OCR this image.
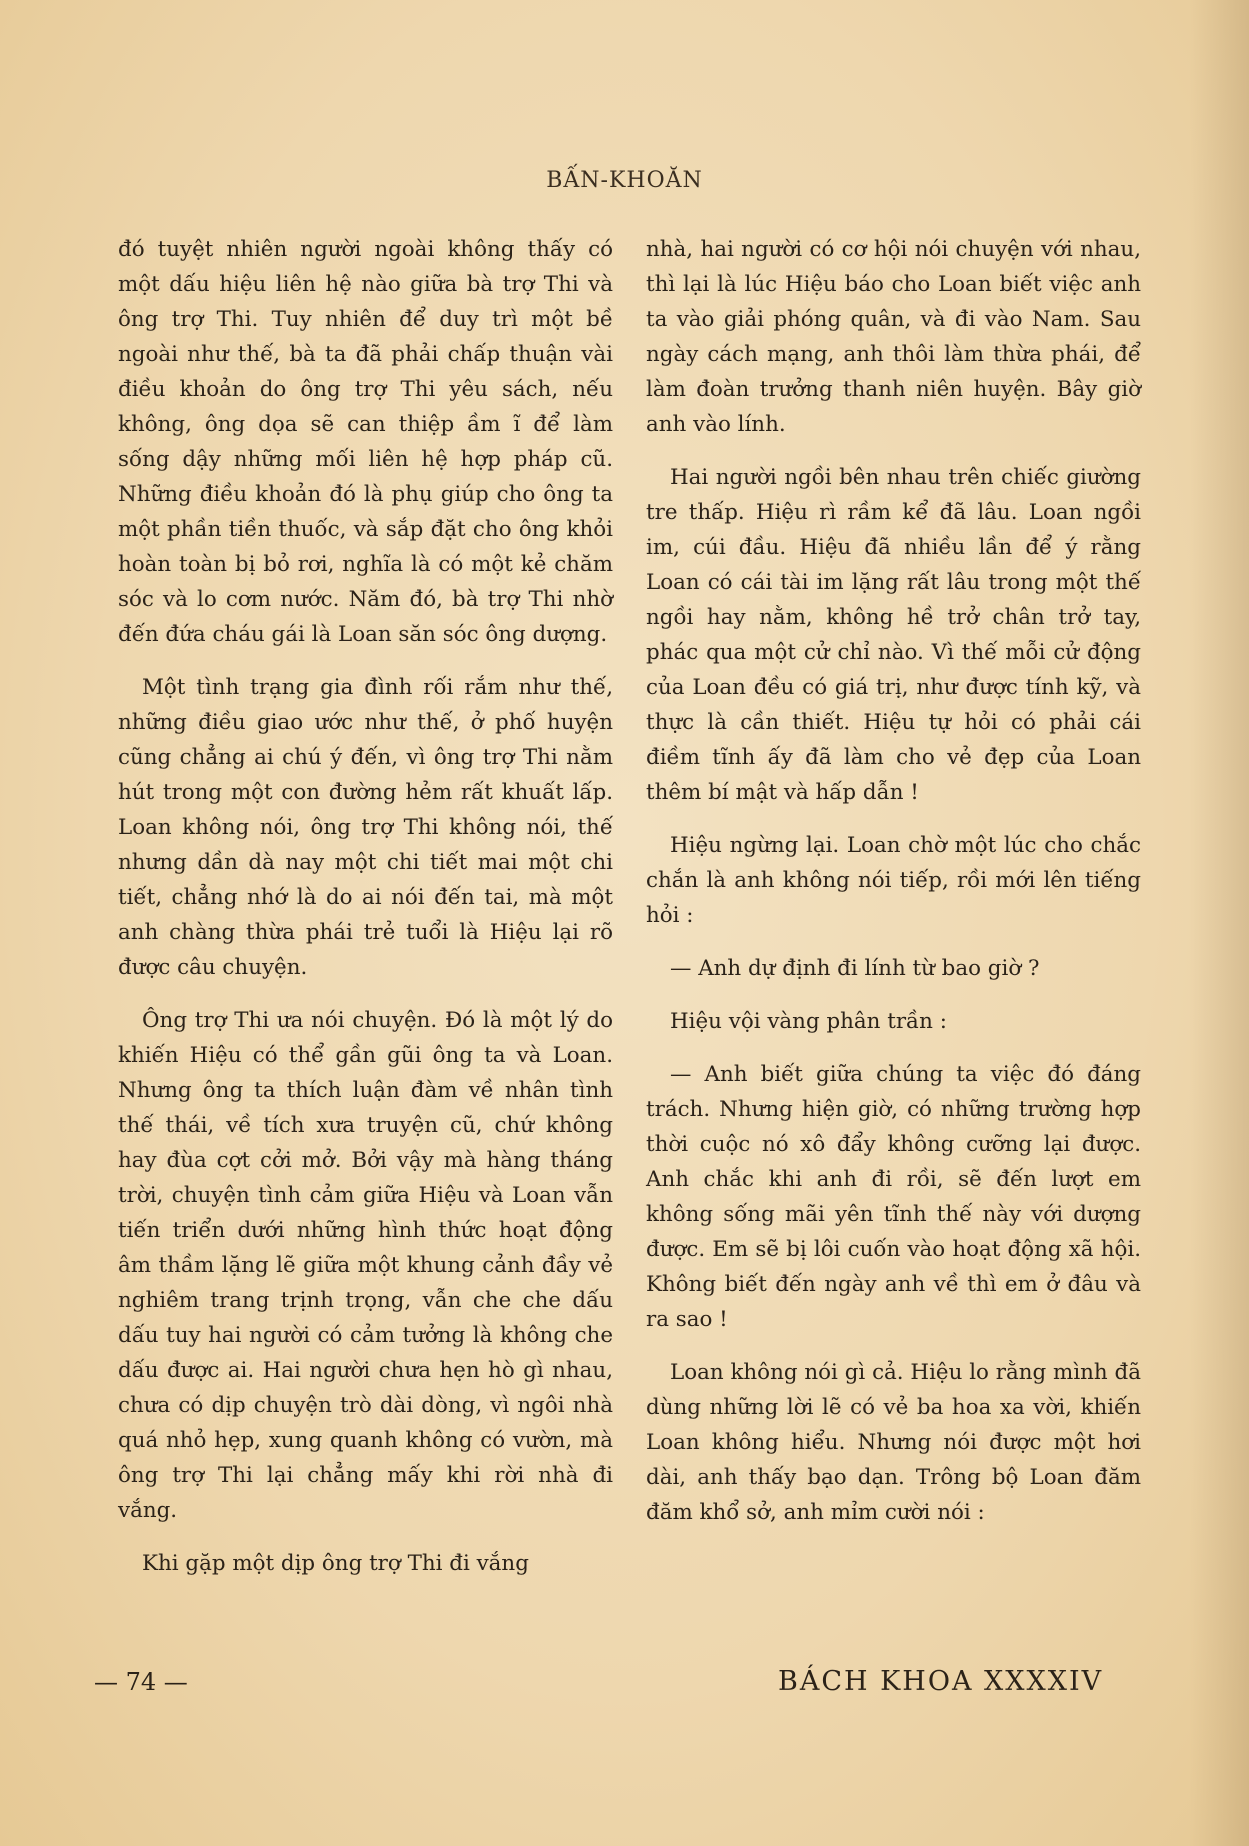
BẤN-KHOĂN

đó tuyệt nhiên người ngoài không thấy có một dấu hiệu liên hệ nào giữa bà trợ Thi và ông trợ Thi. Tuy nhiên để duy trì một bề ngoài như thế, bà ta đã phải chấp thuận vài điều khoản do ông trợ Thi yêu sách, nếu không, ông dọa sẽ can thiệp ầm ĩ để làm sống dậy những mối liên hệ hợp pháp cũ. Những điều khoản đó là phụ giúp cho ông ta một phần tiền thuốc, và sắp đặt cho ông khỏi hoàn toàn bị bỏ rơi, nghĩa là có một kẻ chăm sóc và lo cơm nước. Năm đó, bà trợ Thi nhờ đến đứa cháu gái là Loan săn sóc ông dượng.

Một tình trạng gia đình rối rắm như thế, những điều giao ước như thế, ở phố huyện cũng chẳng ai chú ý đến, vì ông trợ Thi nằm hút trong một con đường hẻm rất khuất lấp. Loan không nói, ông trợ Thi không nói, thế nhưng dần dà nay một chi tiết mai một chi tiết, chẳng nhớ là do ai nói đến tai, mà một anh chàng thừa phái trẻ tuổi là Hiệu lại rõ được câu chuyện.

Ông trợ Thi ưa nói chuyện. Đó là một lý do khiến Hiệu có thể gần gũi ông ta và Loan. Nhưng ông ta thích luận đàm về nhân tình thế thái, về tích xưa truyện cũ, chứ không hay đùa cợt cởi mở. Bởi vậy mà hàng tháng trời, chuyện tình cảm giữa Hiệu và Loan vẫn tiến triển dưới những hình thức hoạt động âm thầm lặng lẽ giữa một khung cảnh đầy vẻ nghiêm trang trịnh trọng, vẫn che che dấu dấu tuy hai người có cảm tưởng là không che dấu được ai. Hai người chưa hẹn hò gì nhau, chưa có dịp chuyện trò dài dòng, vì ngôi nhà quá nhỏ hẹp, xung quanh không có vườn, mà ông trợ Thi lại chẳng mấy khi rời nhà đi vắng.

Khi gặp một dịp ông trợ Thi đi vắng

nhà, hai người có cơ hội nói chuyện với nhau, thì lại là lúc Hiệu báo cho Loan biết việc anh ta vào giải phóng quân, và đi vào Nam. Sau ngày cách mạng, anh thôi làm thừa phái, để làm đoàn trưởng thanh niên huyện. Bây giờ anh vào lính.

Hai người ngồi bên nhau trên chiếc giường tre thấp. Hiệu rì rầm kể đã lâu. Loan ngồi im, cúi đầu. Hiệu đã nhiều lần để ý rằng Loan có cái tài im lặng rất lâu trong một thế ngồi hay nằm, không hề trở chân trở tay, phác qua một cử chỉ nào. Vì thế mỗi cử động của Loan đều có giá trị, như được tính kỹ, và thực là cần thiết. Hiệu tự hỏi có phải cái điềm tĩnh ấy đã làm cho vẻ đẹp của Loan thêm bí mật và hấp dẫn !

Hiệu ngừng lại. Loan chờ một lúc cho chắc chắn là anh không nói tiếp, rồi mới lên tiếng hỏi :

— Anh dự định đi lính từ bao giờ ?

Hiệu vội vàng phân trần :

— Anh biết giữa chúng ta việc đó đáng trách. Nhưng hiện giờ, có những trường hợp thời cuộc nó xô đẩy không cưỡng lại được. Anh chắc khi anh đi rồi, sẽ đến lượt em không sống mãi yên tĩnh thế này với dượng được. Em sẽ bị lôi cuốn vào hoạt động xã hội. Không biết đến ngày anh về thì em ở đâu và ra sao !

Loan không nói gì cả. Hiệu lo rằng mình đã dùng những lời lẽ có vẻ ba hoa xa vời, khiến Loan không hiểu. Nhưng nói được một hơi dài, anh thấy bạo dạn. Trông bộ Loan đăm đăm khổ sở, anh mỉm cười nói :

— 74 —	BÁCH KHOA XXXXIV
